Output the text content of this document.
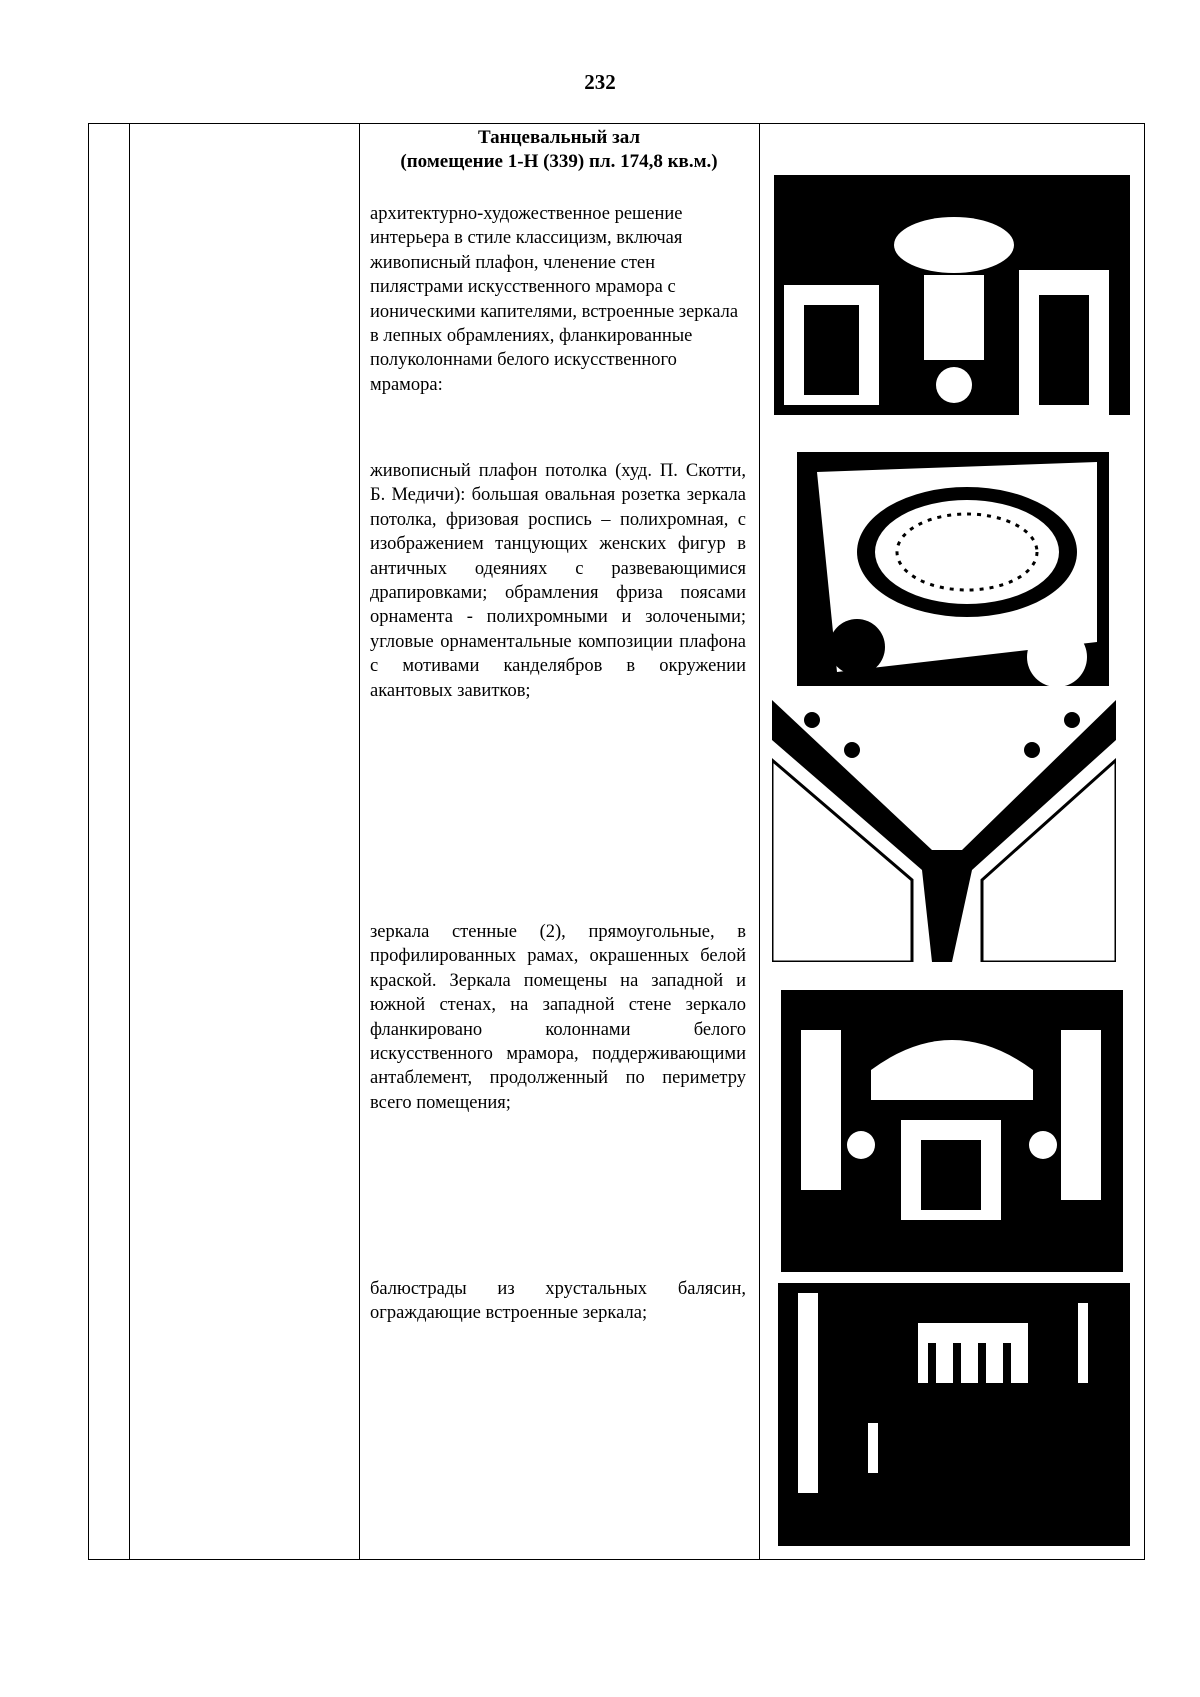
232
Танцевальный зал
(помещение 1-Н (339) пл. 174,8 кв.м.)
архитектурно-художественное решение интерьера в стиле классицизм, включая живописный плафон, членение стен пилястрами искусственного мрамора с ионическими капителями, встроенные зеркала в лепных обрамлениях, фланкированные полуколоннами белого искусственного мрамора:
живописный плафон потолка (худ. П. Скотти, Б. Медичи): большая овальная розетка зеркала потолка, фризовая роспись – полихромная, с изображением танцующих женских фигур в античных одеяниях с развевающимися драпировками; обрамления фриза поясами орнамента - полихромными и золочеными; угловые орнаментальные композиции плафона с мотивами канделябров в окружении акантовых завитков;
зеркала стенные (2), прямоугольные, в профилированных рамах, окрашенных белой краской. Зеркала помещены на западной и южной стенах, на западной стене зеркало фланкировано колоннами белого искусственного мрамора, поддерживающими антаблемент, продолженный по периметру всего помещения;
балюстрады из хрустальных балясин, ограждающие встроенные зеркала;
